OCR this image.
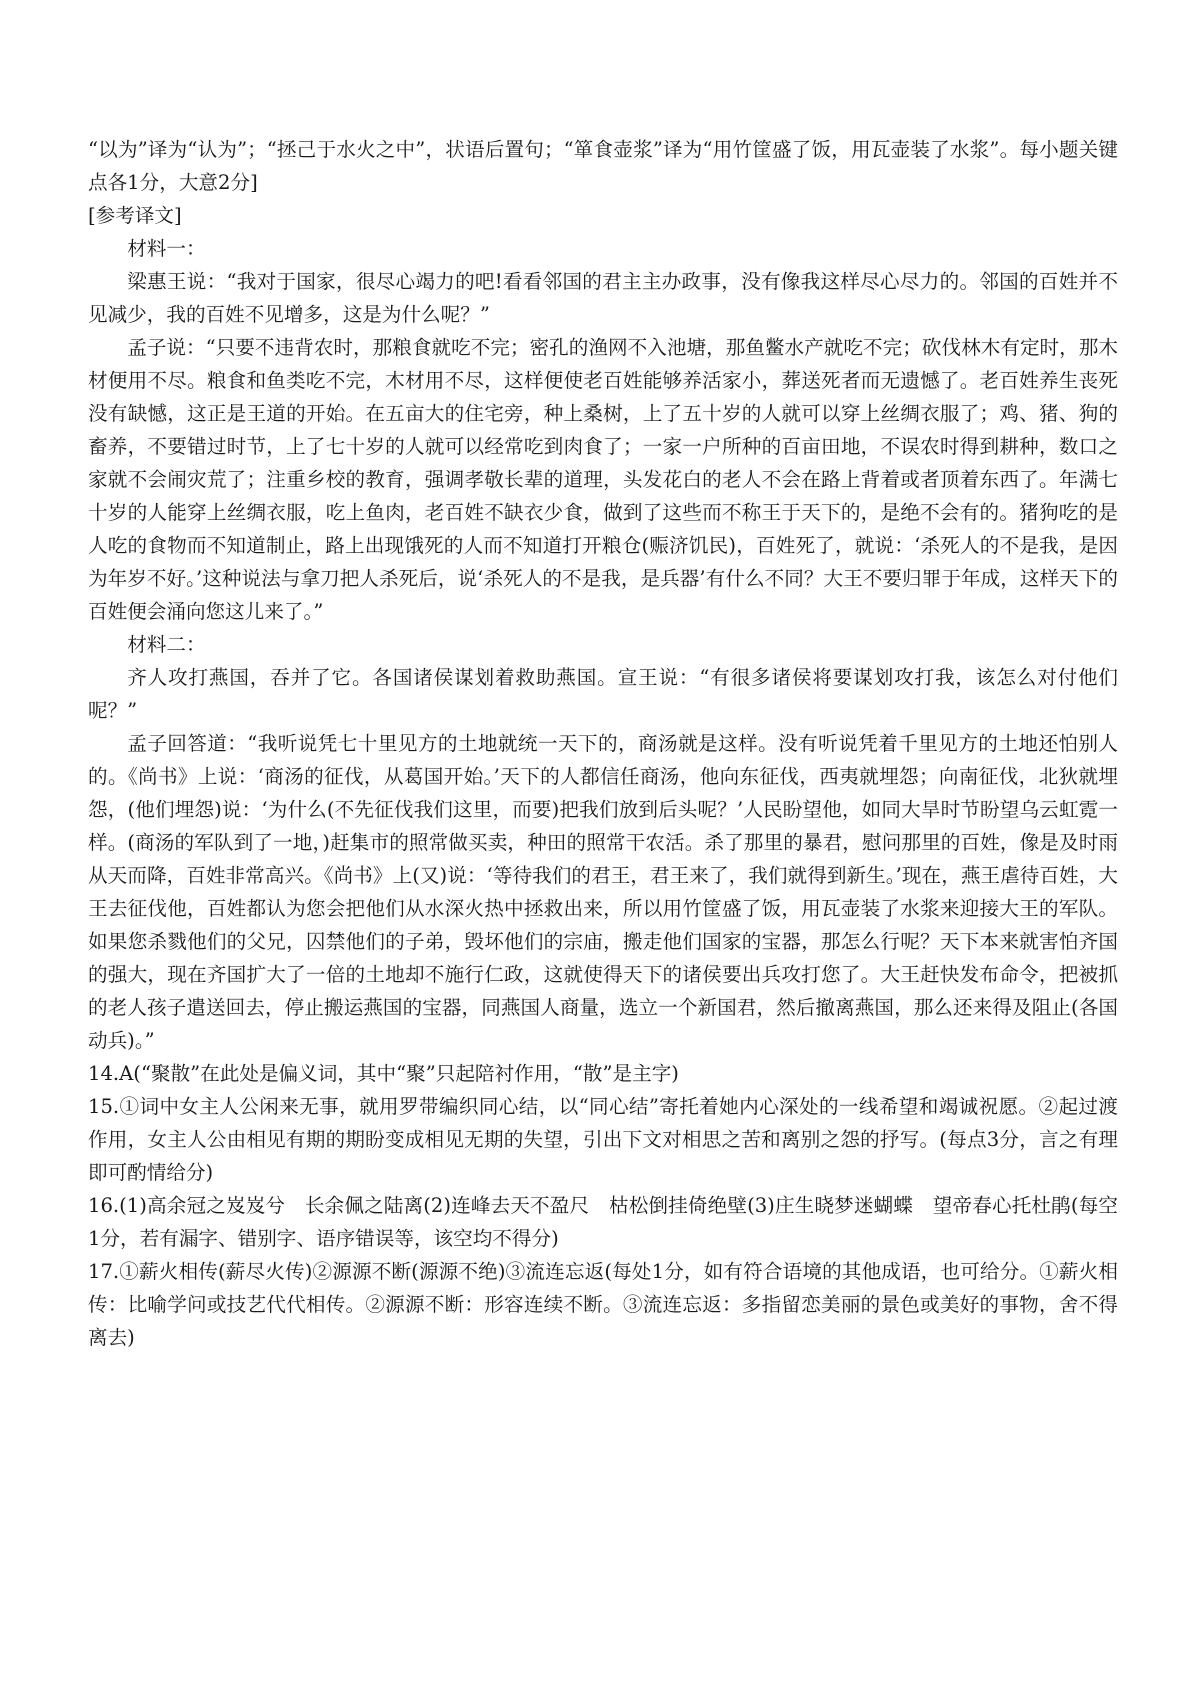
“以为”译为“认为”；“拯己于水火之中”，状语后置句；“箪食壶浆”译为“用竹筐盛了饭，用瓦壶装了水浆”。每小题关键点各1分，大意2分]

[参考译文]

材料一：

梁惠王说：“我对于国家，很尽心竭力的吧!看看邻国的君主主办政事，没有像我这样尽心尽力的。邻国的百姓并不见减少，我的百姓不见增多，这是为什么呢？”

孟子说：“只要不违背农时，那粮食就吃不完；密孔的渔网不入池塘，那鱼鳖水产就吃不完；砍伐林木有定时，那木材便用不尽。粮食和鱼类吃不完，木材用不尽，这样便使老百姓能够养活家小，葬送死者而无遗憾了。老百姓养生丧死没有缺憾，这正是王道的开始。在五亩大的住宅旁，种上桑树，上了五十岁的人就可以穿上丝绸衣服了；鸡、猪、狗的畜养，不要错过时节，上了七十岁的人就可以经常吃到肉食了；一家一户所种的百亩田地，不误农时得到耕种，数口之家就不会闹灾荒了；注重乡校的教育，强调孝敬长辈的道理，头发花白的老人不会在路上背着或者顶着东西了。年满七十岁的人能穿上丝绸衣服，吃上鱼肉，老百姓不缺衣少食，做到了这些而不称王于天下的，是绝不会有的。猪狗吃的是人吃的食物而不知道制止，路上出现饿死的人而不知道打开粮仓(赈济饥民)，百姓死了，就说：‘杀死人的不是我，是因为年岁不好。’这种说法与拿刀把人杀死后，说‘杀死人的不是我，是兵器’有什么不同？大王不要归罪于年成，这样天下的百姓便会涌向您这儿来了。”

材料二：

齐人攻打燕国，吞并了它。各国诸侯谋划着救助燕国。宣王说：“有很多诸侯将要谋划攻打我，该怎么对付他们呢？”

孟子回答道：“我听说凭七十里见方的土地就统一天下的，商汤就是这样。没有听说凭着千里见方的土地还怕别人的。《尚书》上说：‘商汤的征伐，从葛国开始。’天下的人都信任商汤，他向东征伐，西夷就埋怨；向南征伐，北狄就埋怨，(他们埋怨)说：‘为什么(不先征伐我们这里，而要)把我们放到后头呢？’人民盼望他，如同大旱时节盼望乌云虹霓一样。(商汤的军队到了一地，)赶集市的照常做买卖，种田的照常干农活。杀了那里的暴君，慰问那里的百姓，像是及时雨从天而降，百姓非常高兴。《尚书》上(又)说：‘等待我们的君王，君王来了，我们就得到新生。’现在，燕王虐待百姓，大王去征伐他，百姓都认为您会把他们从水深火热中拯救出来，所以用竹筐盛了饭，用瓦壶装了水浆来迎接大王的军队。如果您杀戮他们的父兄，囚禁他们的子弟，毁坏他们的宗庙，搬走他们国家的宝器，那怎么行呢？天下本来就害怕齐国的强大，现在齐国扩大了一倍的土地却不施行仁政，这就使得天下的诸侯要出兵攻打您了。大王赶快发布命令，把被抓的老人孩子遣送回去，停止搬运燕国的宝器，同燕国人商量，选立一个新国君，然后撤离燕国，那么还来得及阻止(各国动兵)。”

14.A(“聚散”在此处是偏义词，其中“聚”只起陪衬作用，“散”是主字)

15.①词中女主人公闲来无事，就用罗带编织同心结，以“同心结”寄托着她内心深处的一线希望和竭诚祝愿。②起过渡作用，女主人公由相见有期的期盼变成相见无期的失望，引出下文对相思之苦和离别之怨的抒写。(每点3分，言之有理即可酌情给分)

16.(1)高余冠之岌岌兮　长余佩之陆离(2)连峰去天不盈尺　枯松倒挂倚绝壁(3)庄生晓梦迷蝴蝶　望帝春心托杜鹃(每空1分，若有漏字、错别字、语序错误等，该空均不得分)

17.①薪火相传(薪尽火传)②源源不断(源源不绝)③流连忘返(每处1分，如有符合语境的其他成语，也可给分。①薪火相传：比喻学问或技艺代代相传。②源源不断：形容连续不断。③流连忘返：多指留恋美丽的景色或美好的事物，舍不得离去)
